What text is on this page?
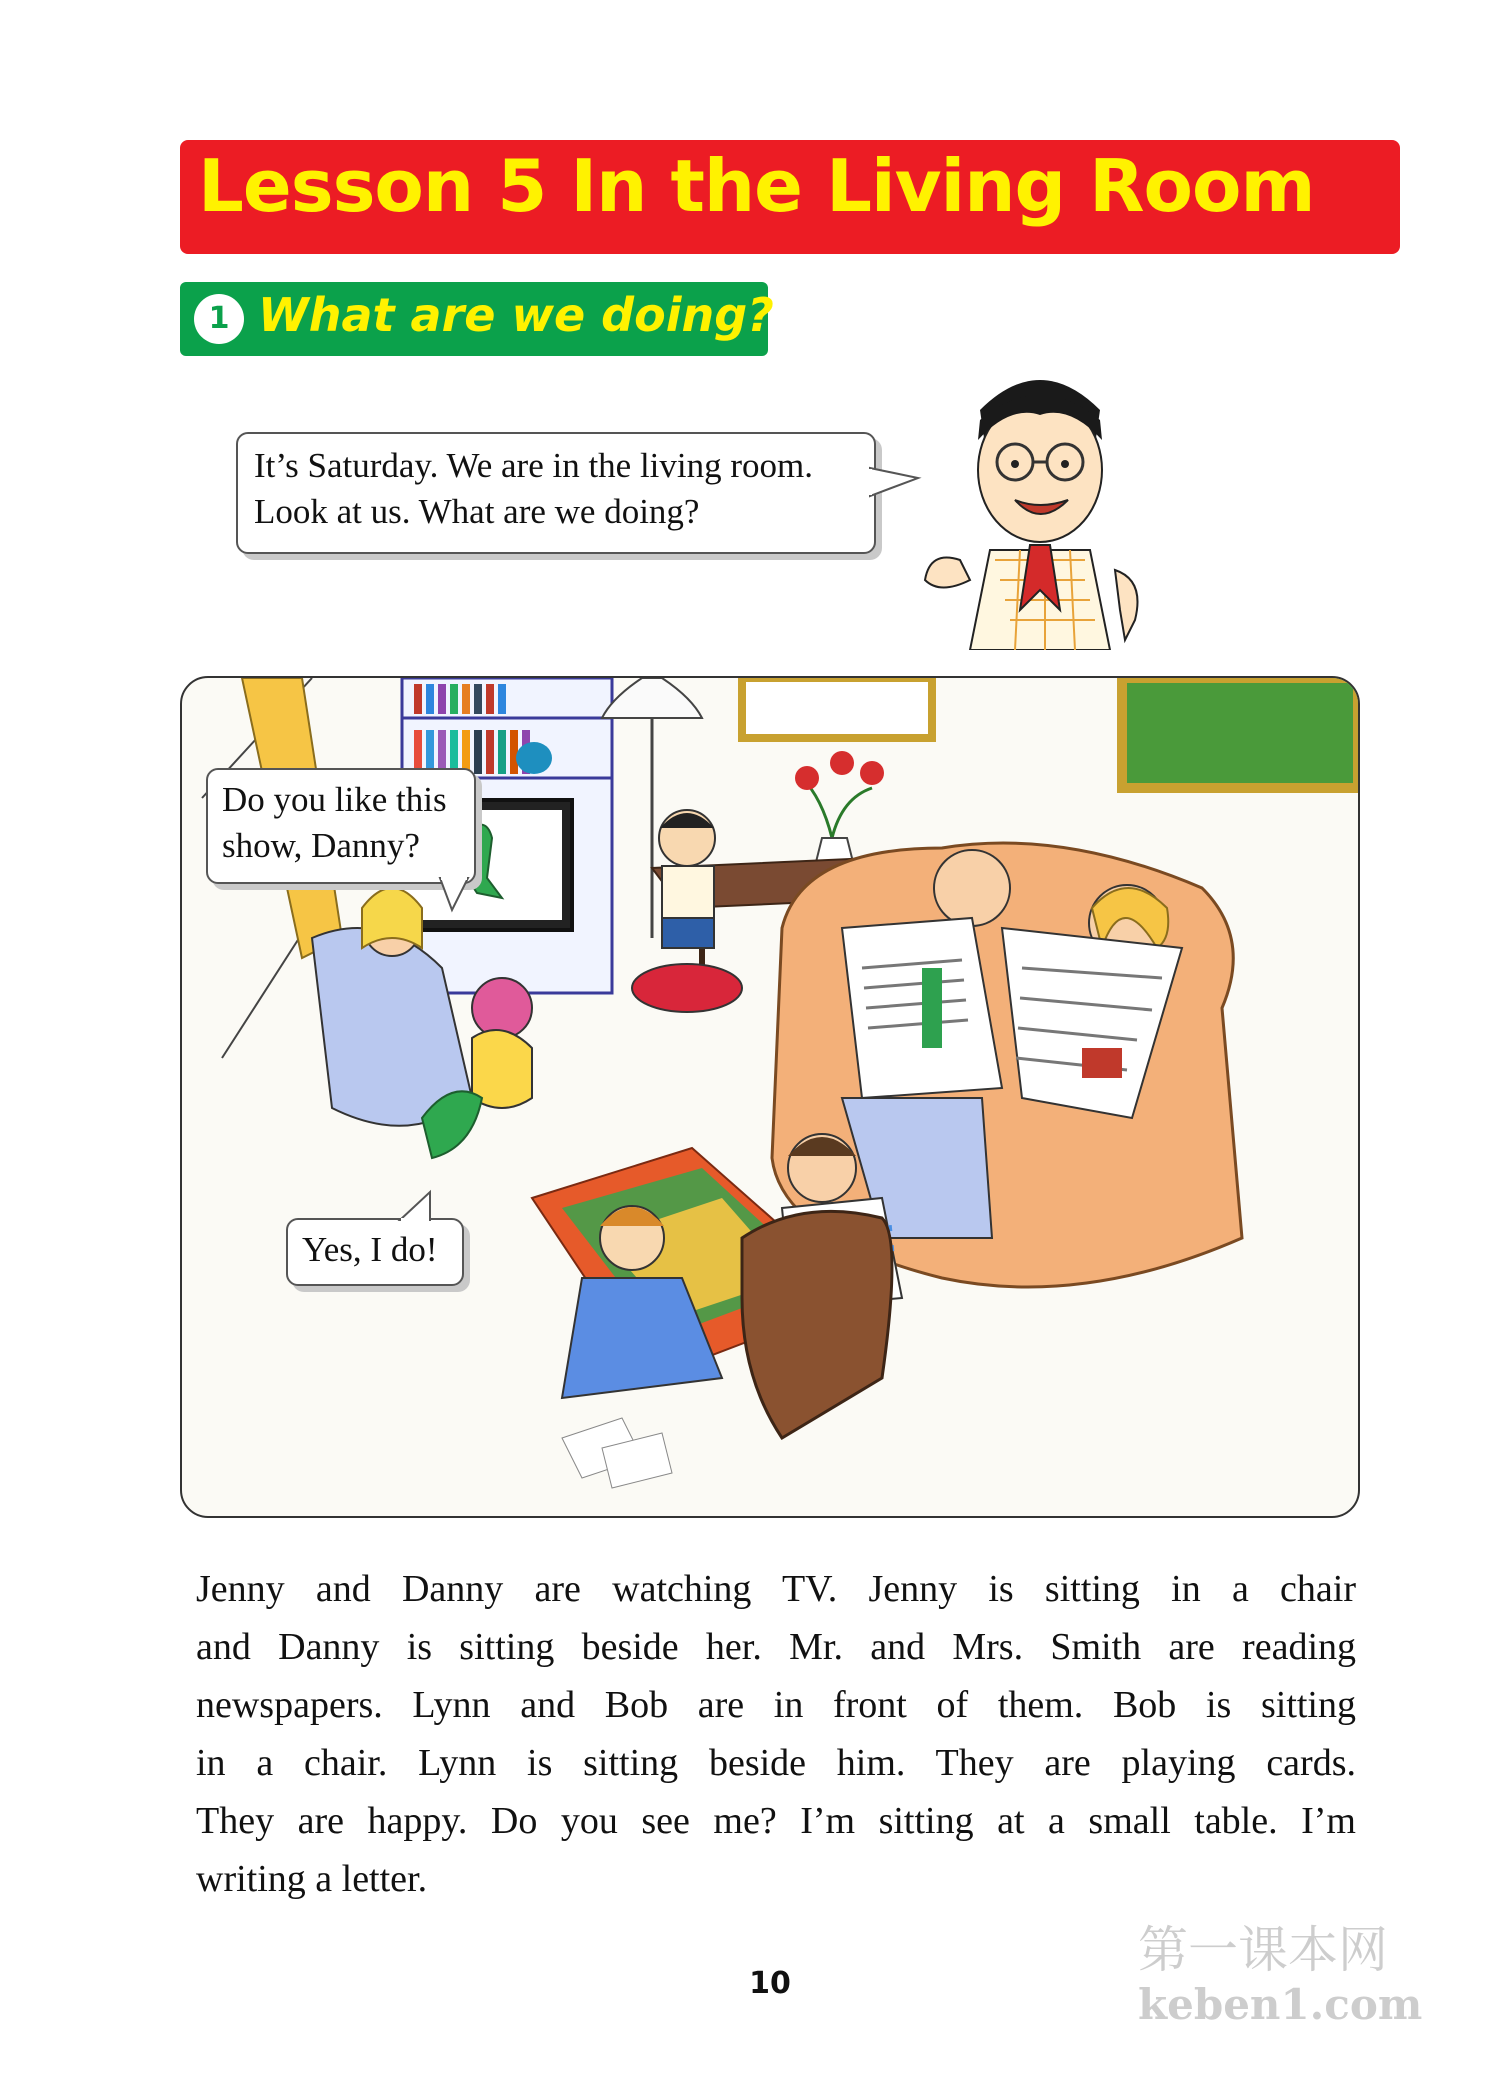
Lesson 5 In the Living Room
1 What are we doing?
It’s Saturday. We are in the living room.
Look at us. What are we doing?
Do you like this
show, Danny?
Yes, I do!
Jenny and Danny are watching TV. Jenny is sitting in a chair
and Danny is sitting beside her. Mr. and Mrs. Smith are reading
newspapers. Lynn and Bob are in front of them. Bob is sitting
in a chair. Lynn is sitting beside him. They are playing cards.
They are happy. Do you see me? I’m sitting at a small table. I’m
writing a letter.
10
第一课本网
keben1.com
